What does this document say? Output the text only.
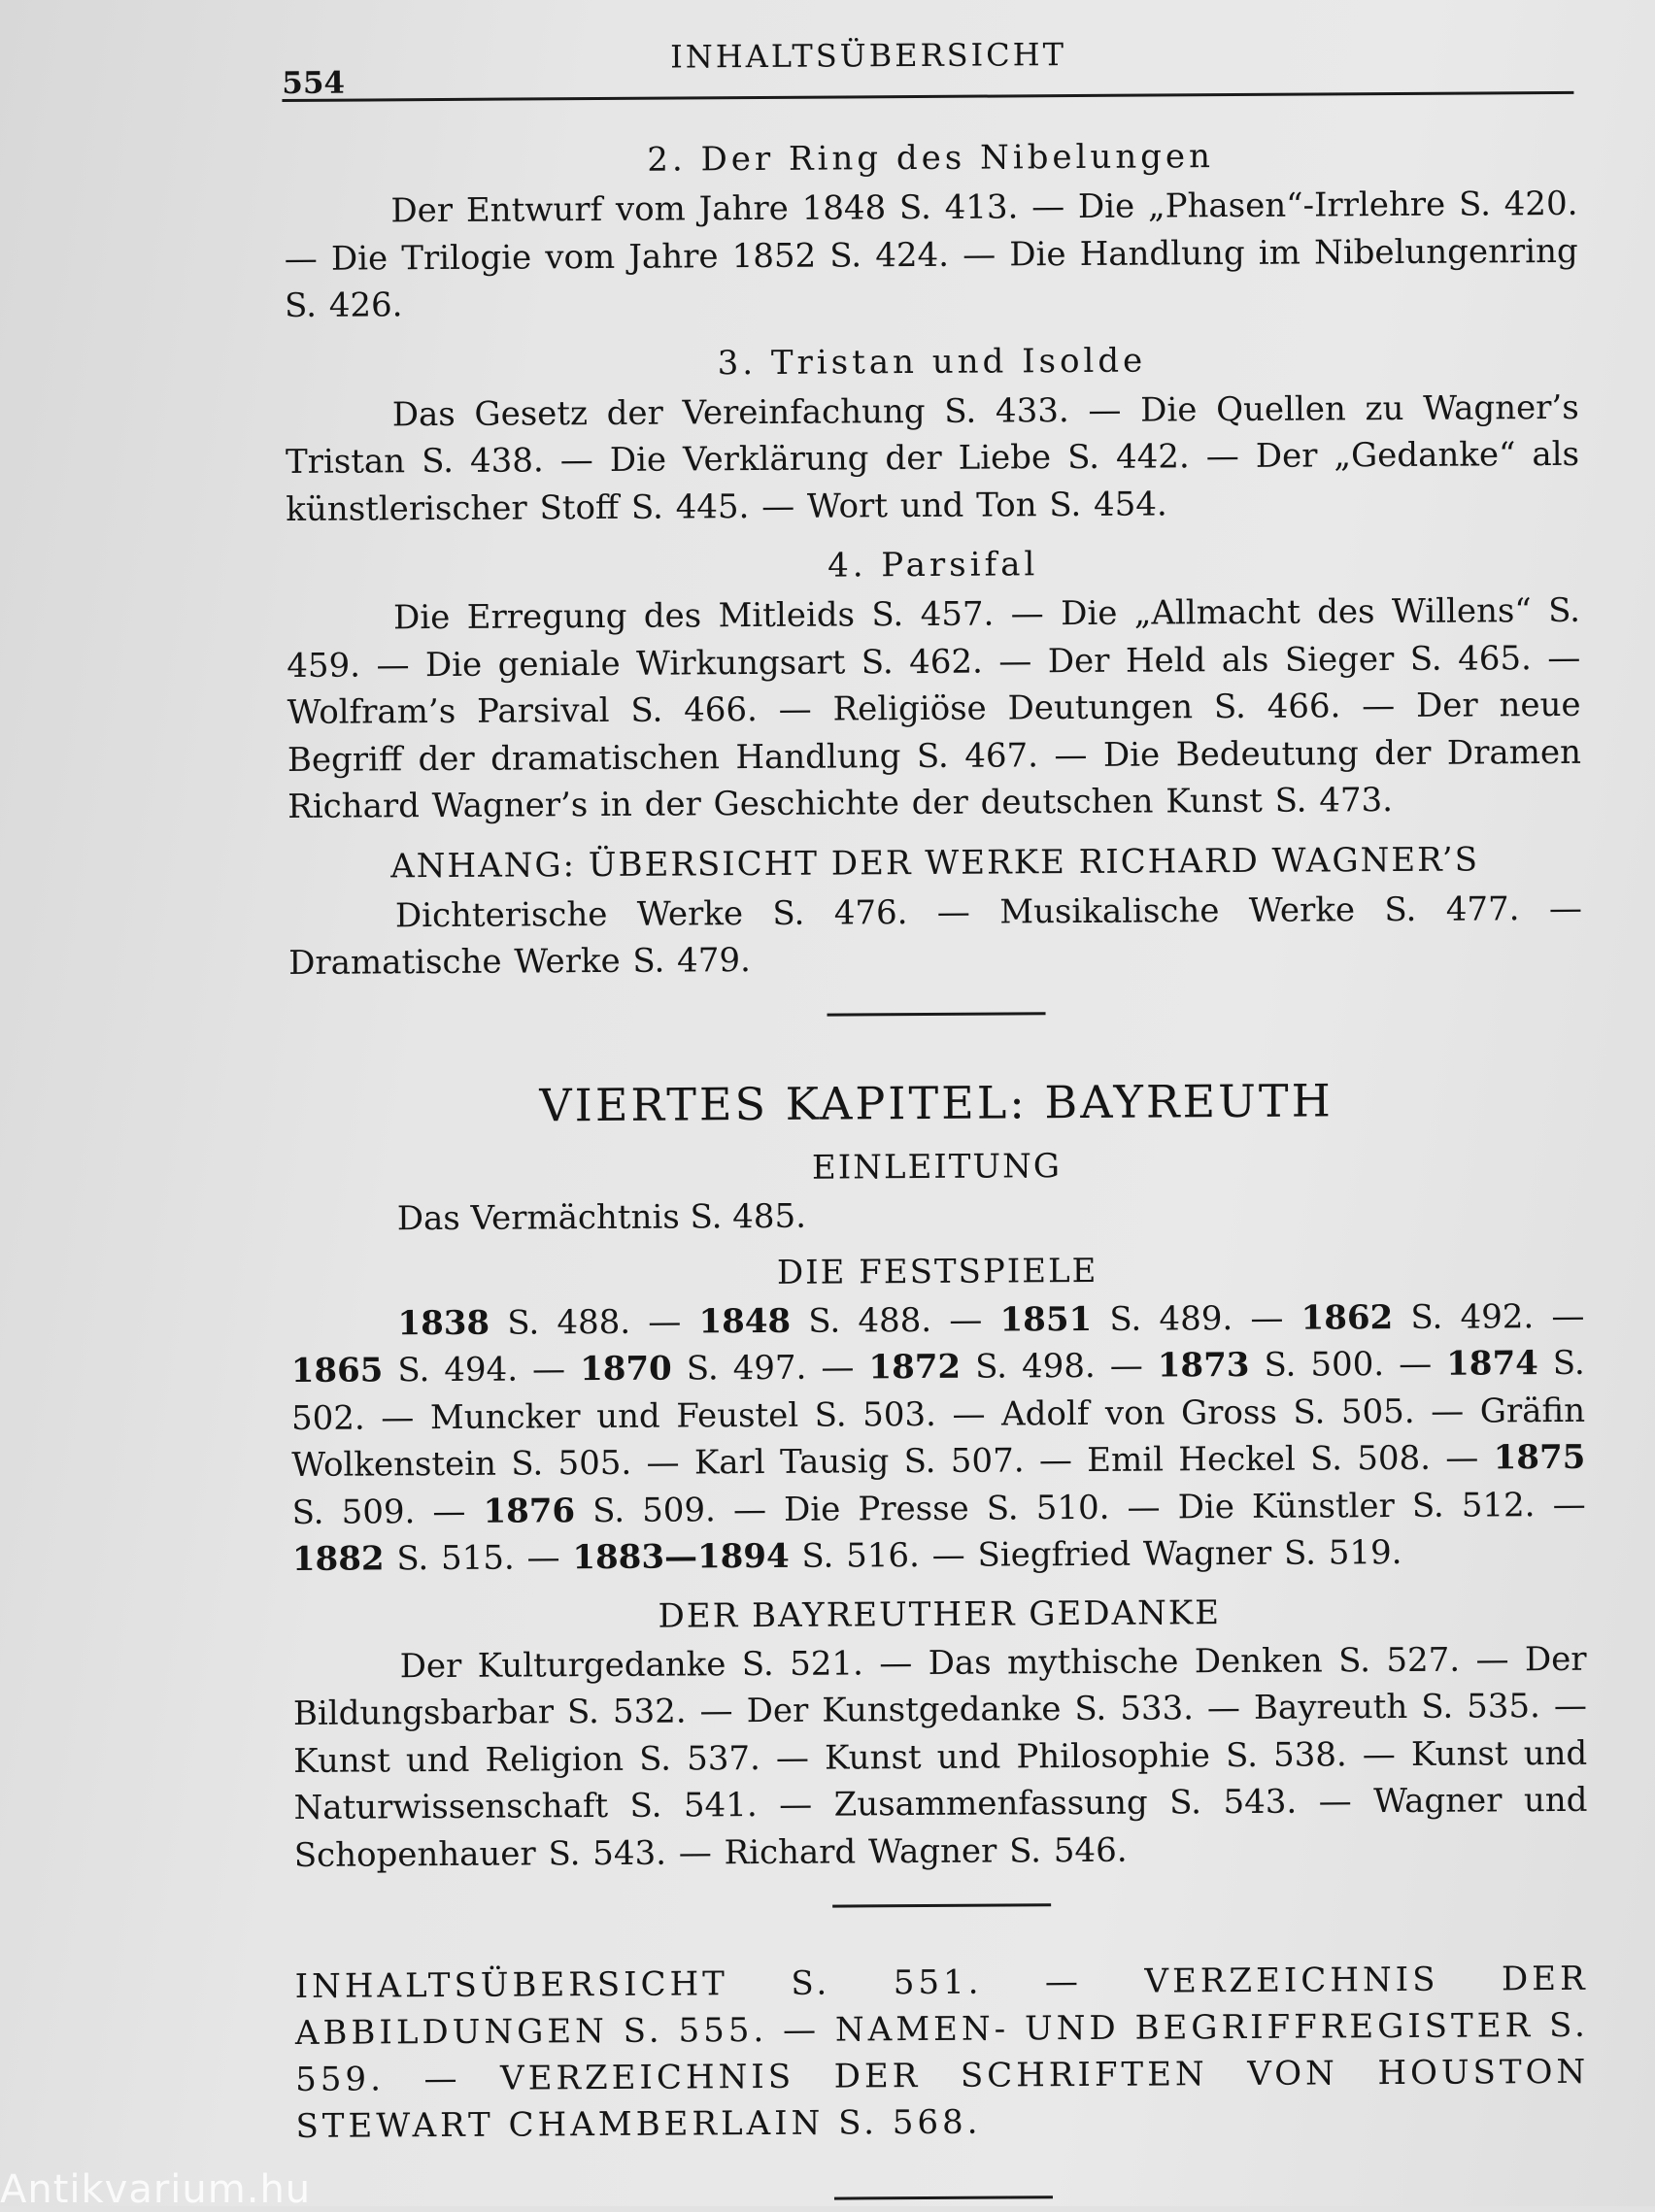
554
INHALTSÜBERSICHT

2. Der Ring des Nibelungen

Der Entwurf vom Jahre 1848 S. 413. — Die „Phasen“-Irrlehre S. 420. — Die Trilogie vom Jahre 1852 S. 424. — Die Handlung im Nibelungenring S. 426.

3. Tristan und Isolde

Das Gesetz der Vereinfachung S. 433. — Die Quellen zu Wagner’s Tristan S. 438. — Die Verklärung der Liebe S. 442. — Der „Gedanke“ als künstlerischer Stoff S. 445. — Wort und Ton S. 454.

4. Parsifal

Die Erregung des Mitleids S. 457. — Die „Allmacht des Willens“ S. 459. — Die geniale Wirkungsart S. 462. — Der Held als Sieger S. 465. — Wolfram’s Parsival S. 466. — Religiöse Deutungen S. 466. — Der neue Begriff der dramatischen Handlung S. 467. — Die Bedeutung der Dramen Richard Wagner’s in der Geschichte der deutschen Kunst S. 473.

ANHANG: ÜBERSICHT DER WERKE RICHARD WAGNER’S

Dichterische Werke S. 476. — Musikalische Werke S. 477. — Dramatische Werke S. 479.

VIERTES KAPITEL: BAYREUTH

EINLEITUNG

Das Vermächtnis S. 485.

DIE FESTSPIELE

1838 S. 488. — 1848 S. 488. — 1851 S. 489. — 1862 S. 492. — 1865 S. 494. — 1870 S. 497. — 1872 S. 498. — 1873 S. 500. — 1874 S. 502. — Muncker und Feustel S. 503. — Adolf von Gross S. 505. — Gräfin Wolkenstein S. 505. — Karl Tausig S. 507. — Emil Heckel S. 508. — 1875 S. 509. — 1876 S. 509. — Die Presse S. 510. — Die Künstler S. 512. — 1882 S. 515. — 1883—1894 S. 516. — Siegfried Wagner S. 519.

DER BAYREUTHER GEDANKE

Der Kulturgedanke S. 521. — Das mythische Denken S. 527. — Der Bildungsbarbar S. 532. — Der Kunstgedanke S. 533. — Bayreuth S. 535. — Kunst und Religion S. 537. — Kunst und Philosophie S. 538. — Kunst und Naturwissenschaft S. 541. — Zusammenfassung S. 543. — Wagner und Schopenhauer S. 543. — Richard Wagner S. 546.

INHALTSÜBERSICHT S. 551. — VERZEICHNIS DER ABBILDUNGEN S. 555. — NAMEN- UND BEGRIFFREGISTER S. 559. — VERZEICHNIS DER SCHRIFTEN VON HOUSTON STEWART CHAMBERLAIN S. 568.

Antikvarium.hu
